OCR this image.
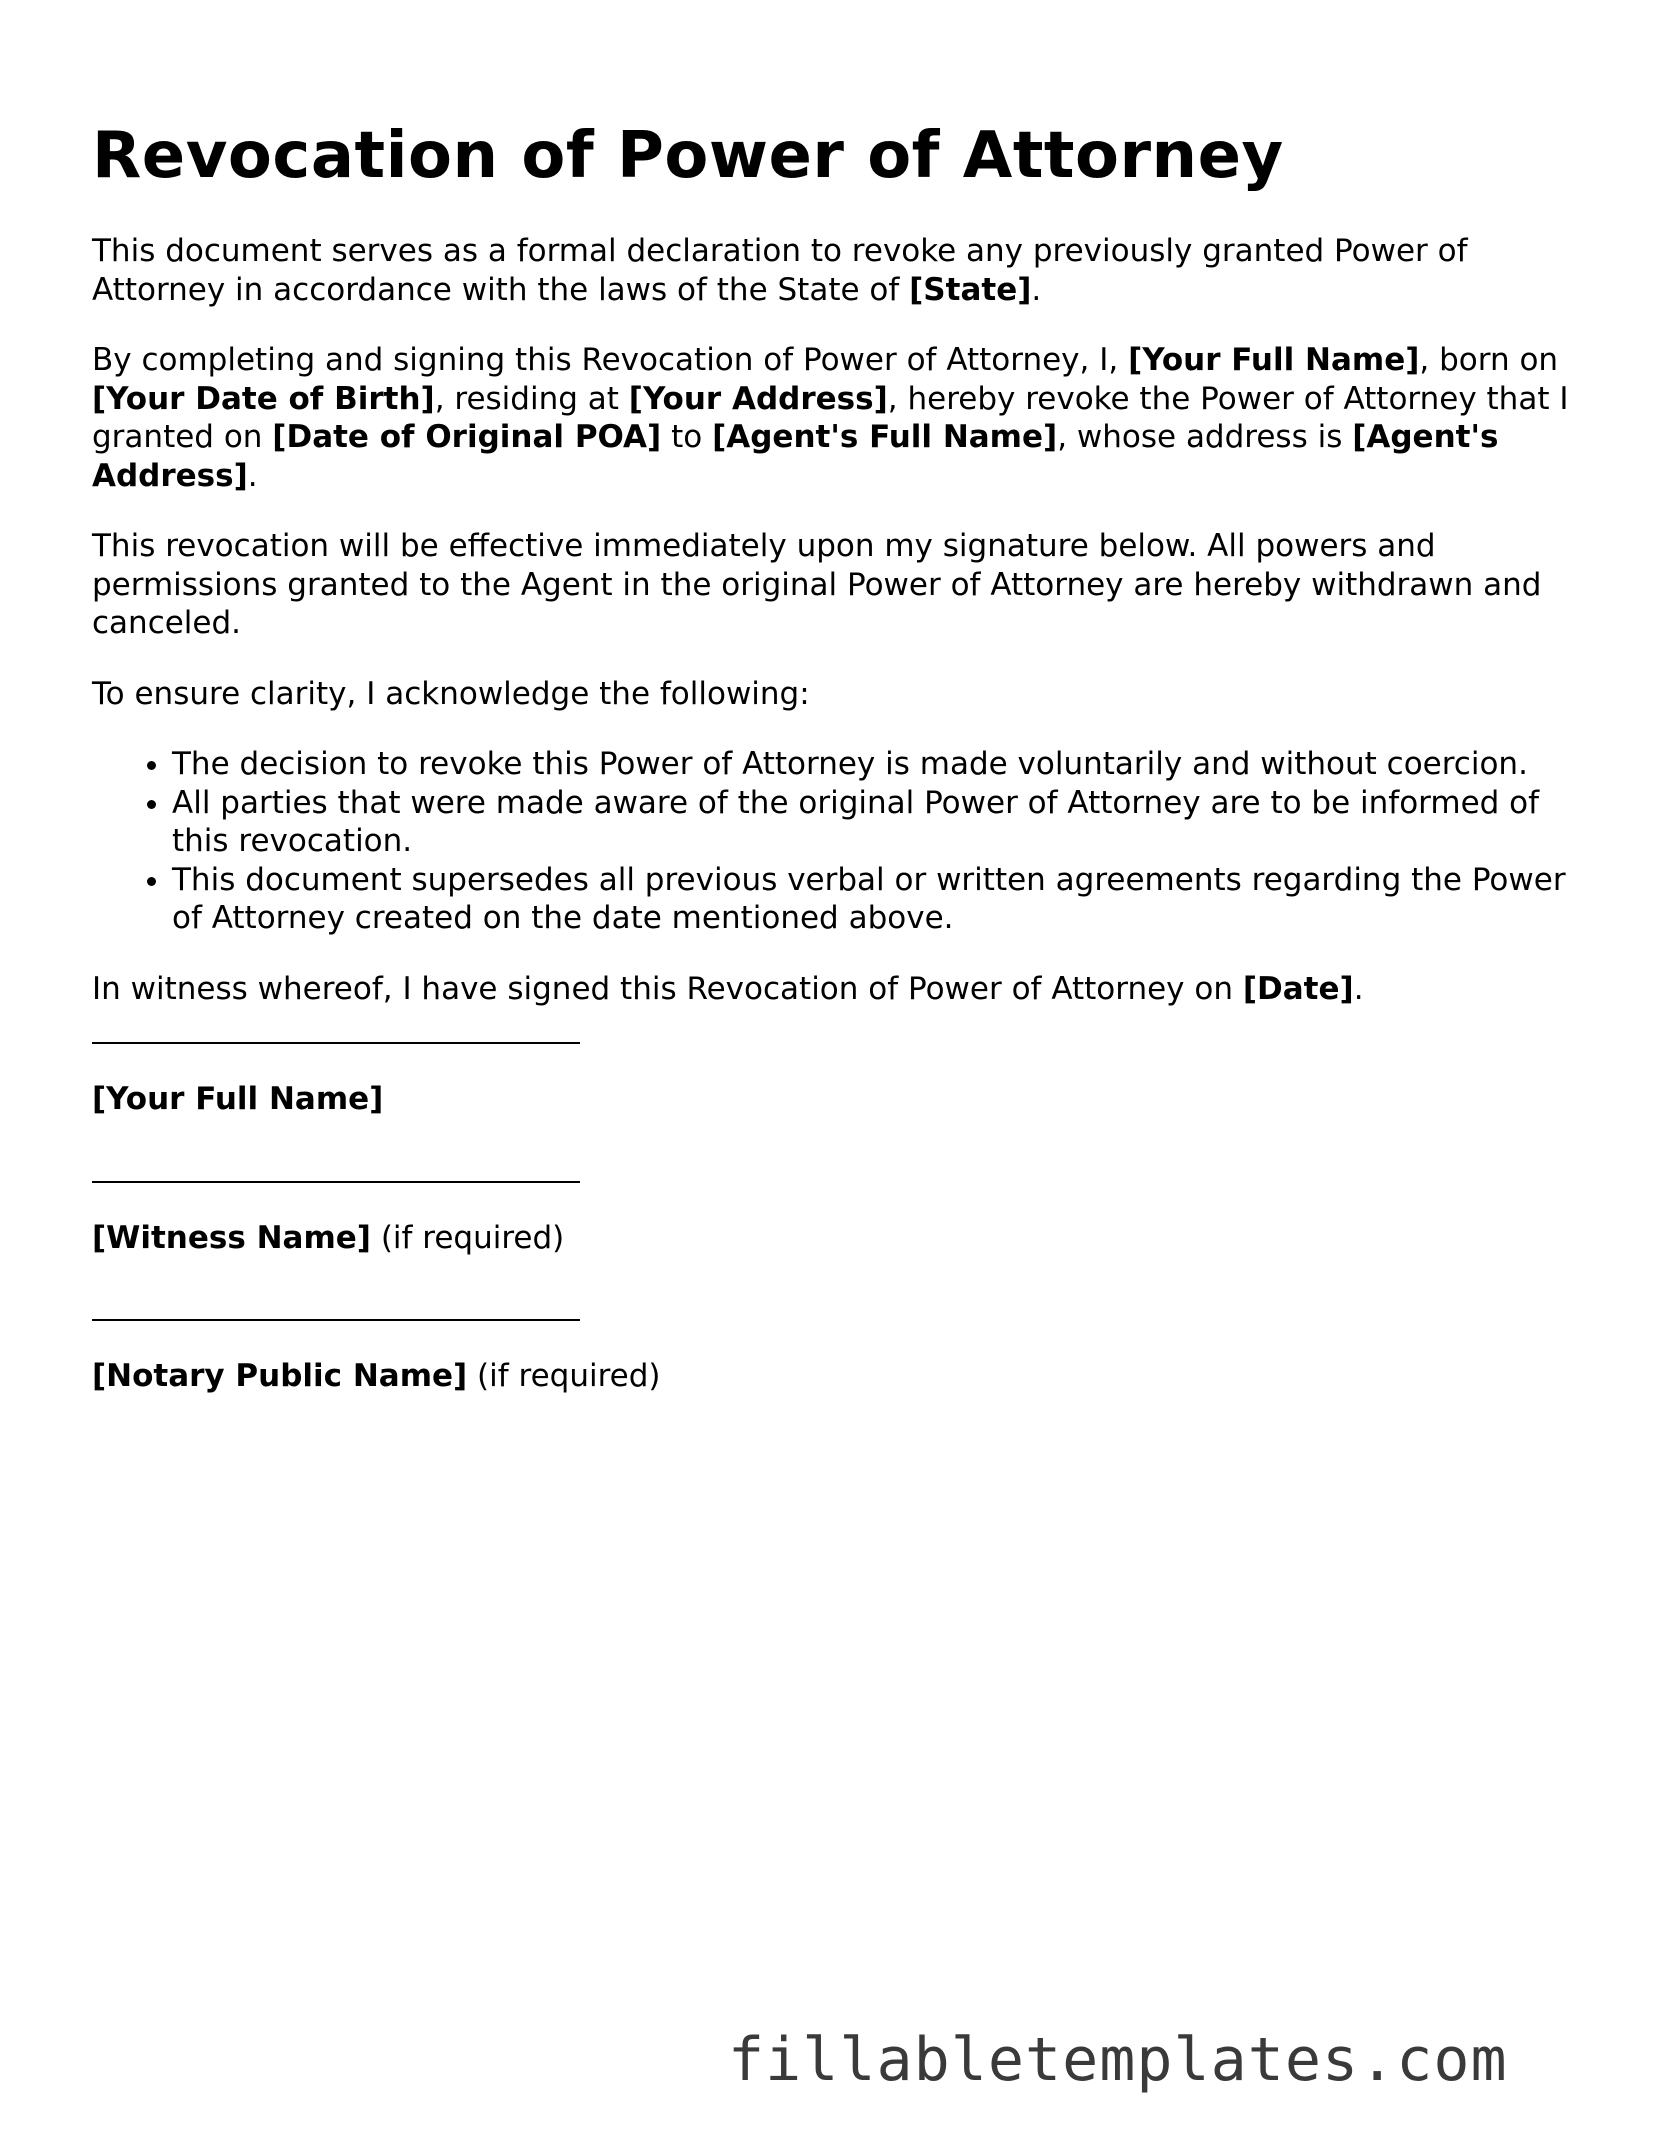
Revocation of Power of Attorney

This document serves as a formal declaration to revoke any previously granted Power of Attorney in accordance with the laws of the State of [State].

By completing and signing this Revocation of Power of Attorney, I, [Your Full Name], born on [Your Date of Birth], residing at [Your Address], hereby revoke the Power of Attorney that I granted on [Date of Original POA] to [Agent's Full Name], whose address is [Agent's Address].

This revocation will be effective immediately upon my signature below. All powers and permissions granted to the Agent in the original Power of Attorney are hereby withdrawn and canceled.

To ensure clarity, I acknowledge the following:

• The decision to revoke this Power of Attorney is made voluntarily and without coercion.
• All parties that were made aware of the original Power of Attorney are to be informed of this revocation.
• This document supersedes all previous verbal or written agreements regarding the Power of Attorney created on the date mentioned above.

In witness whereof, I have signed this Revocation of Power of Attorney on [Date].

[Your Full Name]
[Witness Name] (if required)
[Notary Public Name] (if required)
fillabletemplates.com
